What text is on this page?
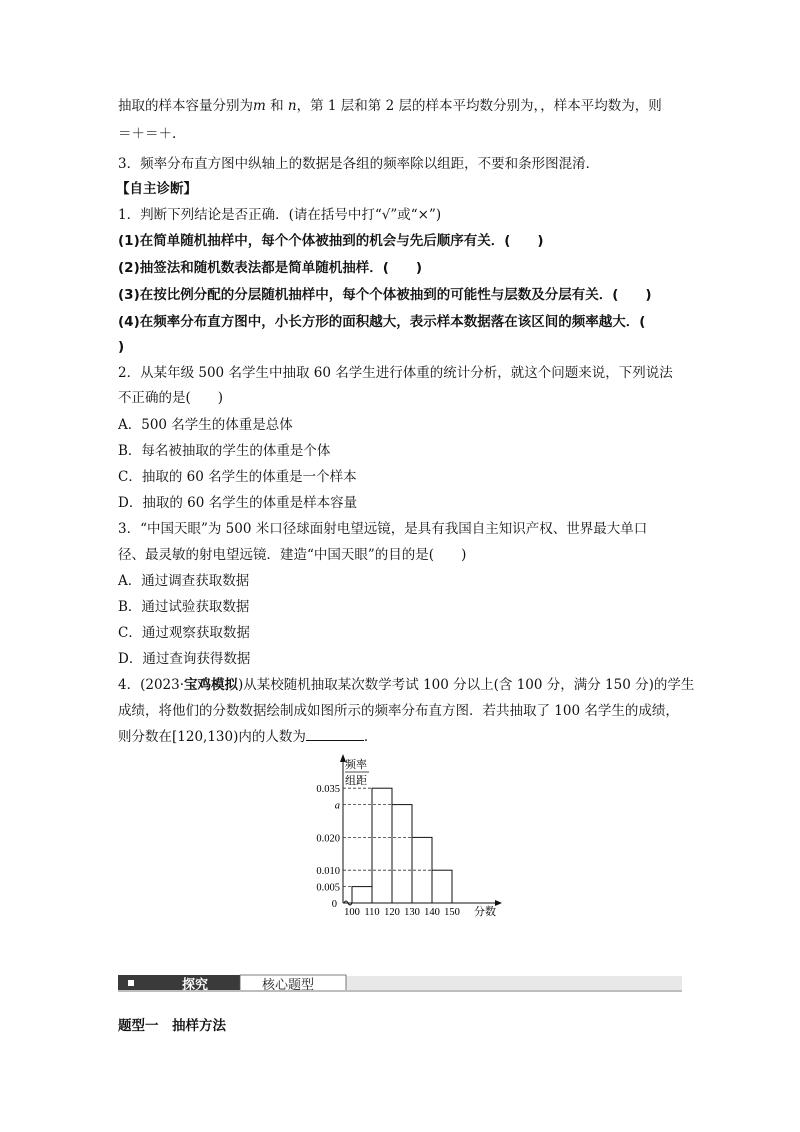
抽取的样本容量分别为m 和 n，第 1 层和第 2 层的样本平均数分别为，，样本平均数为，则
＝＋＝＋.
3．频率分布直方图中纵轴上的数据是各组的频率除以组距，不要和条形图混淆．
【自主诊断】
1．判断下列结论是否正确．(请在括号中打“√”或“×”)
(1)在简单随机抽样中，每个个体被抽到的机会与先后顺序有关．(　　)
(2)抽签法和随机数表法都是简单随机抽样．(　　)
(3)在按比例分配的分层随机抽样中，每个个体被抽到的可能性与层数及分层有关．(　　)
(4)在频率分布直方图中，小长方形的面积越大，表示样本数据落在该区间的频率越大．(
)
2．从某年级 500 名学生中抽取 60 名学生进行体重的统计分析，就这个问题来说，下列说法
不正确的是(　　)
A．500 名学生的体重是总体
B．每名被抽取的学生的体重是个体
C．抽取的 60 名学生的体重是一个样本
D．抽取的 60 名学生的体重是样本容量
3．“中国天眼”为 500 米口径球面射电望远镜，是具有我国自主知识产权、世界最大单口
径、最灵敏的射电望远镜．建造“中国天眼”的目的是(　　)
A．通过调查获取数据
B．通过试验获取数据
C．通过观察获取数据
D．通过查询获得数据
4．(2023·宝鸡模拟)从某校随机抽取某次数学考试 100 分以上(含 100 分，满分 150 分)的学生
成绩，将他们的分数数据绘制成如图所示的频率分布直方图．若共抽取了 100 名学生的成绩，
则分数在[120,130)内的人数为	．
频率
组距
0.035
a
0.020
0.010
0.005
0
100 110 120 130 140 150 分数
探究	核心题型
题型一　抽样方法
